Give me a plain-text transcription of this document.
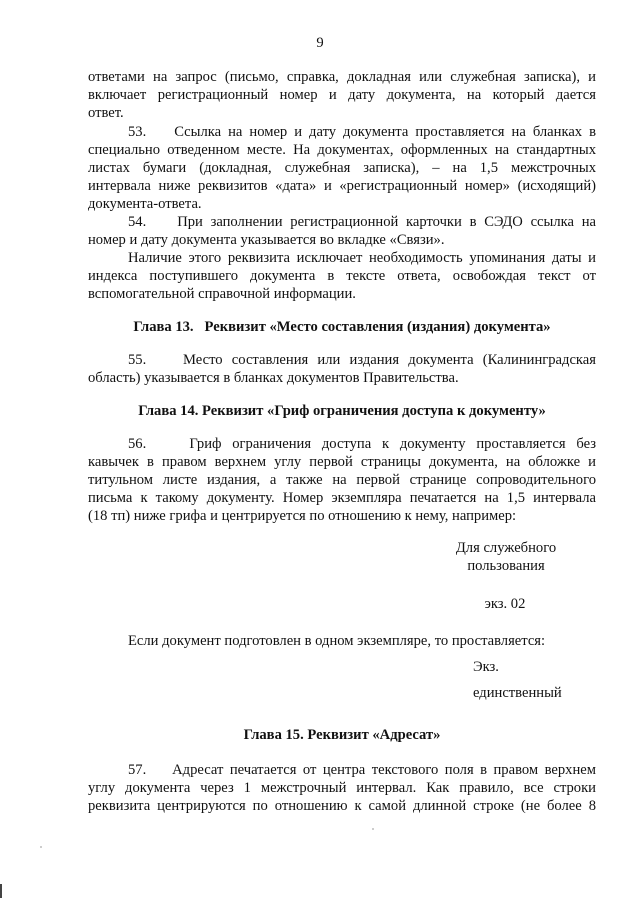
9
ответами на запрос (письмо, справка, докладная или служебная записка), и
включает регистрационный номер и дату документа, на который дается
ответ.
53.    Ссылка на номер и дату документа проставляется на бланках в
специально отведенном месте. На документах, оформленных на стандартных
листах бумаги (докладная, служебная записка), – на 1,5 межстрочных
интервала ниже реквизитов «дата» и «регистрационный номер» (исходящий)
документа-ответа.
54.    При заполнении регистрационной карточки в СЭДО ссылка на
номер и дату документа указывается во вкладке «Связи».
Наличие этого реквизита исключает необходимость упоминания даты и
индекса поступившего документа в тексте ответа, освобождая текст от
вспомогательной справочной информации.
Глава 13.   Реквизит «Место составления (издания) документа»
55.    Место составления или издания документа (Калининградская
область) указывается в бланках документов Правительства.
Глава 14. Реквизит «Гриф ограничения доступа к документу»
56.    Гриф ограничения доступа к документу проставляется без
кавычек в правом верхнем углу первой страницы документа, на обложке и
титульном листе издания, а также на первой странице сопроводительного
письма к такому документу. Номер экземпляра печатается на 1,5 интервала
(18 тп) ниже грифа и центрируется по отношению к нему, например:
Для служебного
пользования
экз. 02
Если документ подготовлен в одном экземпляре, то проставляется:
Экз.
единственный
Глава 15. Реквизит «Адресат»
57.    Адресат печатается от центра текстового поля в правом верхнем
углу документа через 1 межстрочный интервал. Как правило, все строки
реквизита центрируются по отношению к самой длинной строке (не более 8
